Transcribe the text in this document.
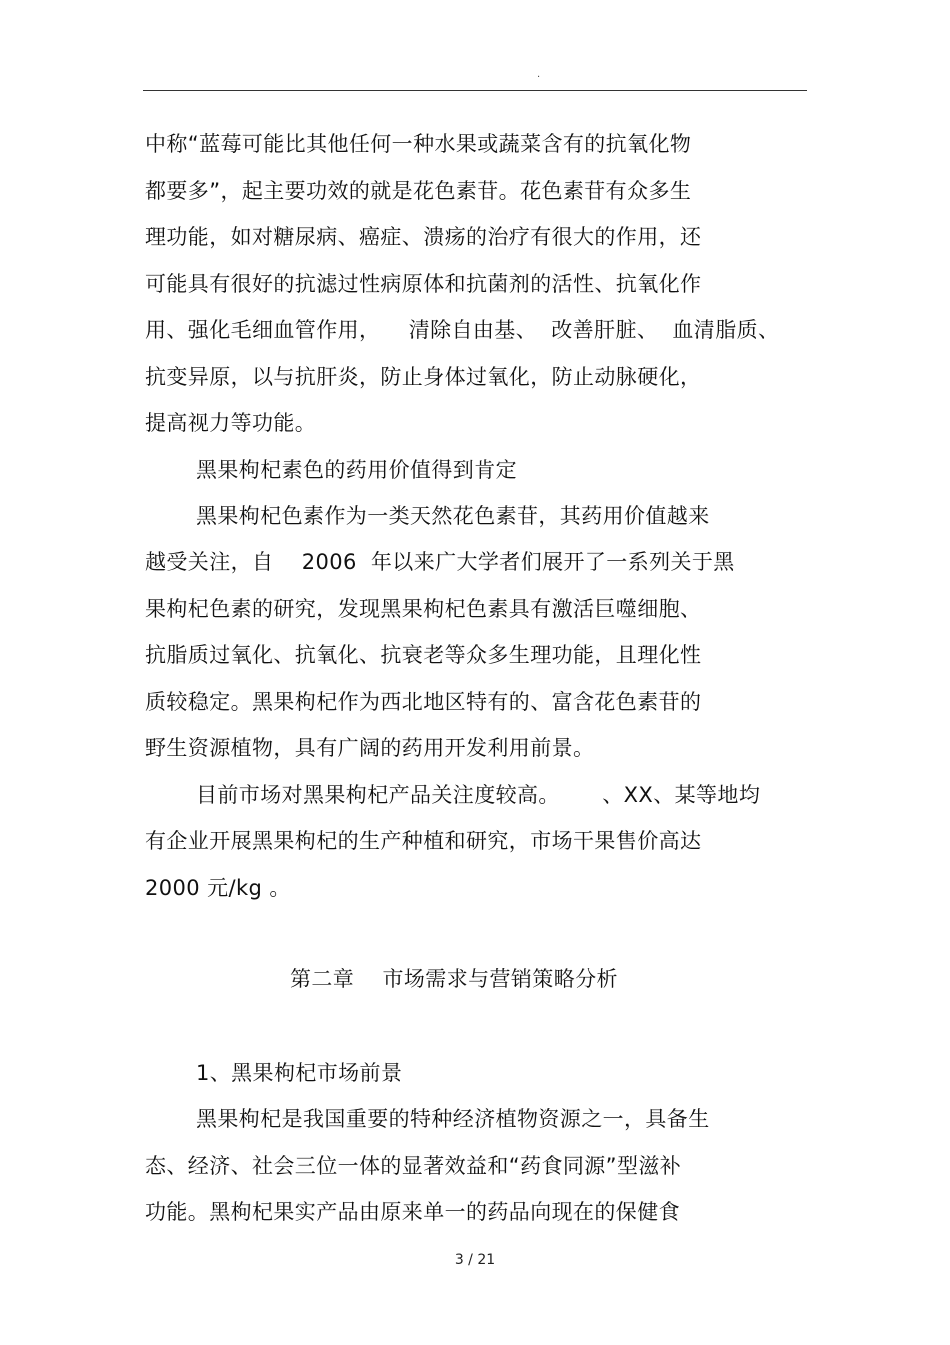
.
中称“蓝莓可能比其他任何一种水果或蔬菜含有的抗氧化物
都要多”，起主要功效的就是花色素苷。花色素苷有众多生
理功能，如对糖尿病、癌症、溃疡的治疗有很大的作用，还
可能具有很好的抗滤过性病原体和抗菌剂的活性、抗氧化作
用、强化毛细血管作用，    清除自由基、  改善肝脏、  血清脂质、
抗变异原，以与抗肝炎，防止身体过氧化，防止动脉硬化，
提高视力等功能。
黑果枸杞素色的药用价值得到肯定
黑果枸杞色素作为一类天然花色素苷，其药用价值越来
越受关注，自    2006  年以来广大学者们展开了一系列关于黑
果枸杞色素的研究，发现黑果枸杞色素具有激活巨噬细胞、
抗脂质过氧化、抗氧化、抗衰老等众多生理功能，且理化性
质较稳定。黑果枸杞作为西北地区特有的、富含花色素苷的
野生资源植物，具有广阔的药用开发利用前景。
目前市场对黑果枸杞产品关注度较高。      、XX、某等地均
有企业开展黑果枸杞的生产种植和研究，市场干果售价高达
2000 元/kg 。
第二章    市场需求与营销策略分析
1、黑果枸杞市场前景
黑果枸杞是我国重要的特种经济植物资源之一，具备生
态、经济、社会三位一体的显著效益和“药食同源”型滋补
功能。黑枸杞果实产品由原来单一的药品向现在的保健食
3 / 21
